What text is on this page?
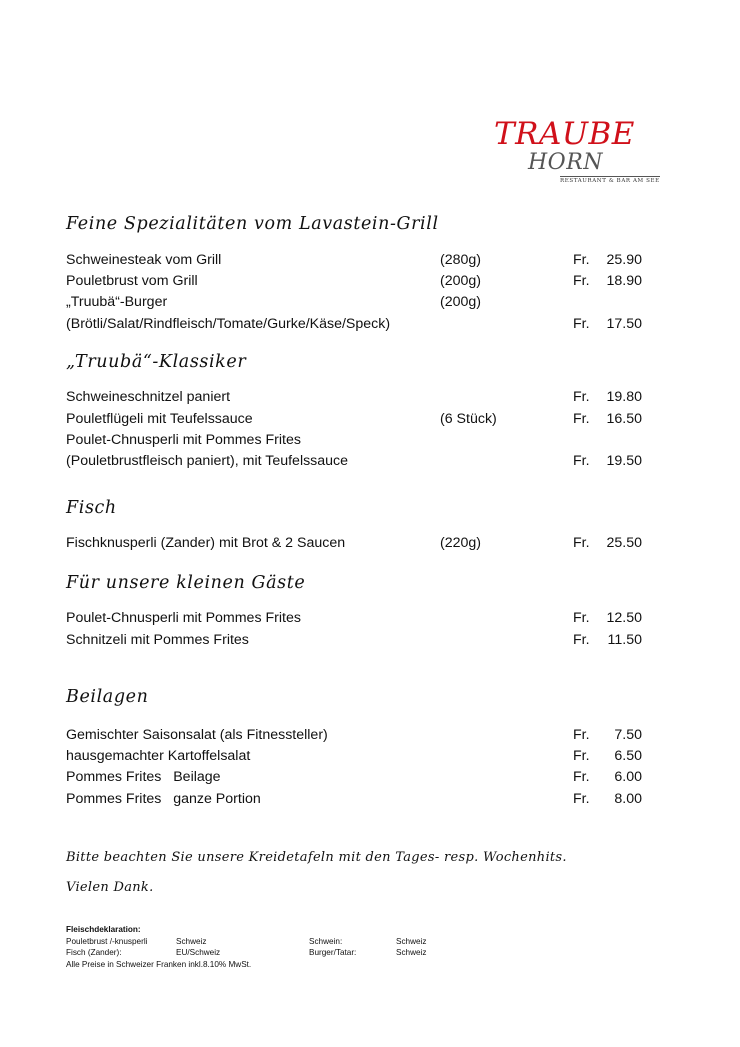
TRAUBE
HORN
RESTAURANT & BAR AM SEE
Feine Spezialitäten vom Lavastein-Grill
Schweinesteak vom Grill	(280g)	Fr. 25.90
Pouletbrust vom Grill	(200g)	Fr. 18.90
„Truubä“-Burger	(200g)
(Brötli/Salat/Rindfleisch/Tomate/Gurke/Käse/Speck)	Fr. 17.50
„Truubä“-Klassiker
Schweineschnitzel paniert	Fr. 19.80
Pouletflügeli mit Teufelssauce	(6 Stück)	Fr. 16.50
Poulet-Chnusperli mit Pommes Frites
(Pouletbrustfleisch paniert), mit Teufelssauce	Fr. 19.50
Fisch
Fischknusperli (Zander) mit Brot & 2 Saucen	(220g)	Fr. 25.50
Für unsere kleinen Gäste
Poulet-Chnusperli mit Pommes Frites	Fr. 12.50
Schnitzeli mit Pommes Frites	Fr. 11.50
Beilagen
Gemischter Saisonsalat (als Fitnessteller)	Fr. 7.50
hausgemachter Kartoffelsalat	Fr. 6.50
Pommes Frites   Beilage	Fr. 6.00
Pommes Frites   ganze Portion	Fr. 8.00
Bitte beachten Sie unsere Kreidetafeln mit den Tages- resp. Wochenhits.
Vielen Dank.
Fleischdeklaration:
Pouletbrust /-knusperli	Schweiz	Schwein:	Schweiz
Fisch (Zander):	EU/Schweiz	Burger/Tatar:	Schweiz
Alle Preise in Schweizer Franken inkl.8.10% MwSt.
